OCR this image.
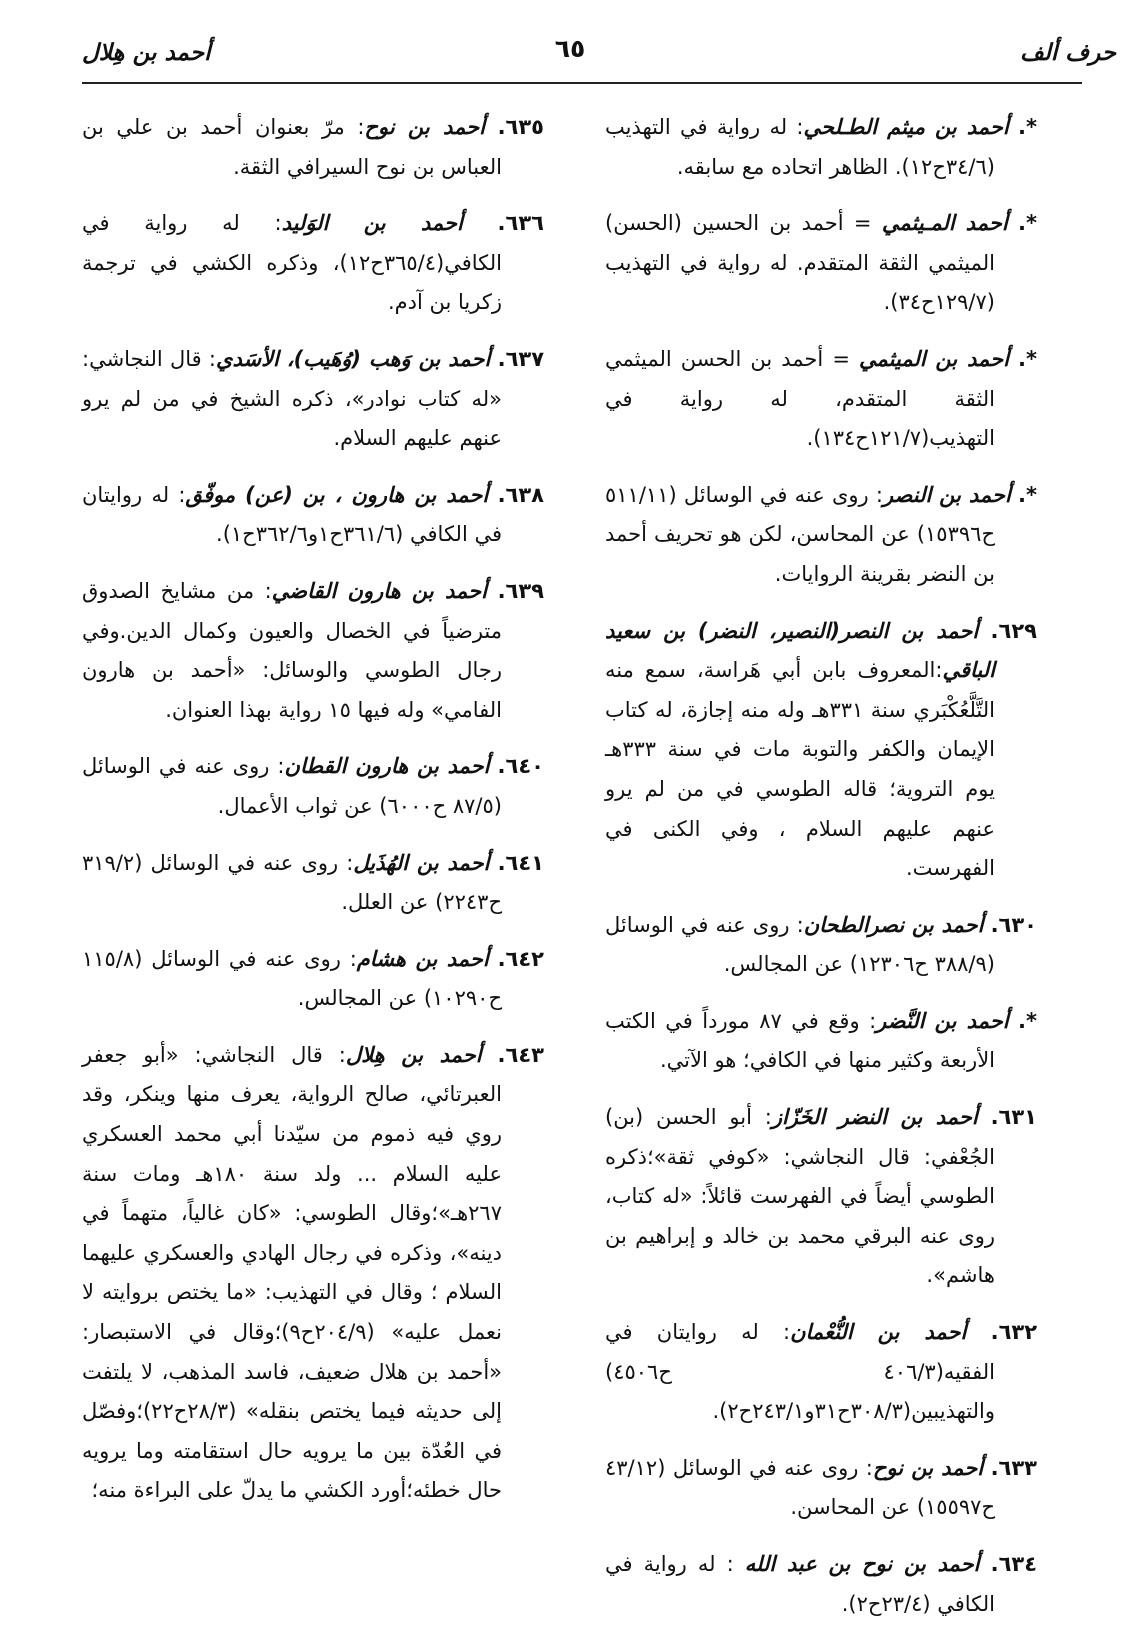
حرف ألف
٦٥
أحمد بن هِلال

*. أحمد بن ميثم الطـلحي: له رواية في التهذيب (٣٤/٦ح١٢). الظاهر اتحاده مع سابقه.

*. أحمد المـيثمي = أحمد بن الحسين (الحسن) الميثمي الثقة المتقدم. له رواية في التهذيب (١٢٩/٧ح٣٤).

*. أحمد بن الميثمي = أحمد بن الحسن الميثمي الثقة المتقدم، له رواية في التهذيب(١٢١/٧ح١٣٤).

*. أحمد بن النصر: روى عنه في الوسائل (٥١١/١١ ح١٥٣٩٦) عن المحاسن، لكن هو تحريف أحمد بن النضر بقرينة الروايات.

٦٢٩. أحمد بن النصر(النصير، النضر) بن سعيد الباقي:المعروف بابن أبي هَراسة، سمع منه التَّلَّعُكْبَري سنة ٣٣١هـ وله منه إجازة، له كتاب الإيمان والكفر والتوبة مات في سنة ٣٣٣هـ يوم التروية؛ قاله الطوسي في من لم يرو عنهم عليهم السلام ، وفي الكنى في الفهرست.

٦٣٠. أحمد بن نصرالطحان: روى عنه في الوسائل (٣٨٨/٩ ح١٢٣٠٦) عن المجالس.

*. أحمد بن النَّضر: وقع في ٨٧ مورداً في الكتب الأربعة وكثير منها في الكافي؛ هو الآتي.

٦٣١. أحمد بن النضر الخَزّاز: أبو الحسن (بن) الجُعْفي: قال النجاشي: «كوفي ثقة»؛ذكره الطوسي أيضاً في الفهرست قائلاً: «له كتاب، روى عنه البرقي محمد بن خالد و إبراهيم بن هاشم».

٦٣٢. أحمد بن النُّعْمان: له روايتان في الفقيه(٤٠٦/٣ ح٤٥٠٦) والتهذيبين(٣٠٨/٣ح٣١و٢٤٣/١ح٢).

٦٣٣. أحمد بن نوح: روى عنه في الوسائل (٤٣/١٢ ح١٥٥٩٧) عن المحاسن.

٦٣٤. أحمد بن نوح بن عبد الله : له رواية في الكافي (٢٣/٤ح٢).

٦٣٥. أحمد بن نوح: مرّ بعنوان أحمد بن علي بن العباس بن نوح السيرافي الثقة.

٦٣٦. أحمد بن الوَليد: له رواية في الكافي(٣٦٥/٤ح١٢)، وذكره الكشي في ترجمة زكريا بن آدم.

٦٣٧. أحمد بن وَهب (وُهَيب)، الأسَدي: قال النجاشي: «له كتاب نوادر»، ذكره الشيخ في من لم يرو عنهم عليهم السلام.

٦٣٨. أحمد بن هارون ، بن (عن) موفّق: له روايتان في الكافي (٣٦١/٦ح١و٣٦٢/٦ح١).

٦٣٩. أحمد بن هارون القاضي: من مشايخ الصدوق مترضياً في الخصال والعيون وكمال الدين.وفي رجال الطوسي والوسائل: «أحمد بن هارون الفامي» وله فيها ١٥ رواية بهذا العنوان.

٦٤٠. أحمد بن هارون القطان: روى عنه في الوسائل (٨٧/٥ ح٦٠٠٠) عن ثواب الأعمال.

٦٤١. أحمد بن الهُذَيل: روى عنه في الوسائل (٣١٩/٢ ح٢٢٤٣) عن العلل.

٦٤٢. أحمد بن هشام: روى عنه في الوسائل (١١٥/٨ ح١٠٢٩٠) عن المجالس.

٦٤٣. أحمد بن هِلال: قال النجاشي: «أبو جعفر العبرتائي، صالح الرواية، يعرف منها وينكر، وقد روي فيه ذموم من سيّدنا أبي محمد العسكري عليه السلام ... ولد سنة ١٨٠هـ ومات سنة ٢٦٧هـ»؛وقال الطوسي: «كان غالياً، متهماً في دينه»، وذكره في رجال الهادي والعسكري عليهما السلام ؛ وقال في التهذيب: «ما يختص بروايته لا نعمل عليه» (٢٠٤/٩ح٩)؛وقال في الاستبصار: «أحمد بن هلال ضعيف، فاسد المذهب، لا يلتفت إلى حديثه فيما يختص بنقله» (٢٨/٣ح٢٢)؛وفصّل في العُدّة بين ما يرويه حال استقامته وما يرويه حال خطئه؛أورد الكشي ما يدلّ على البراءة منه؛
